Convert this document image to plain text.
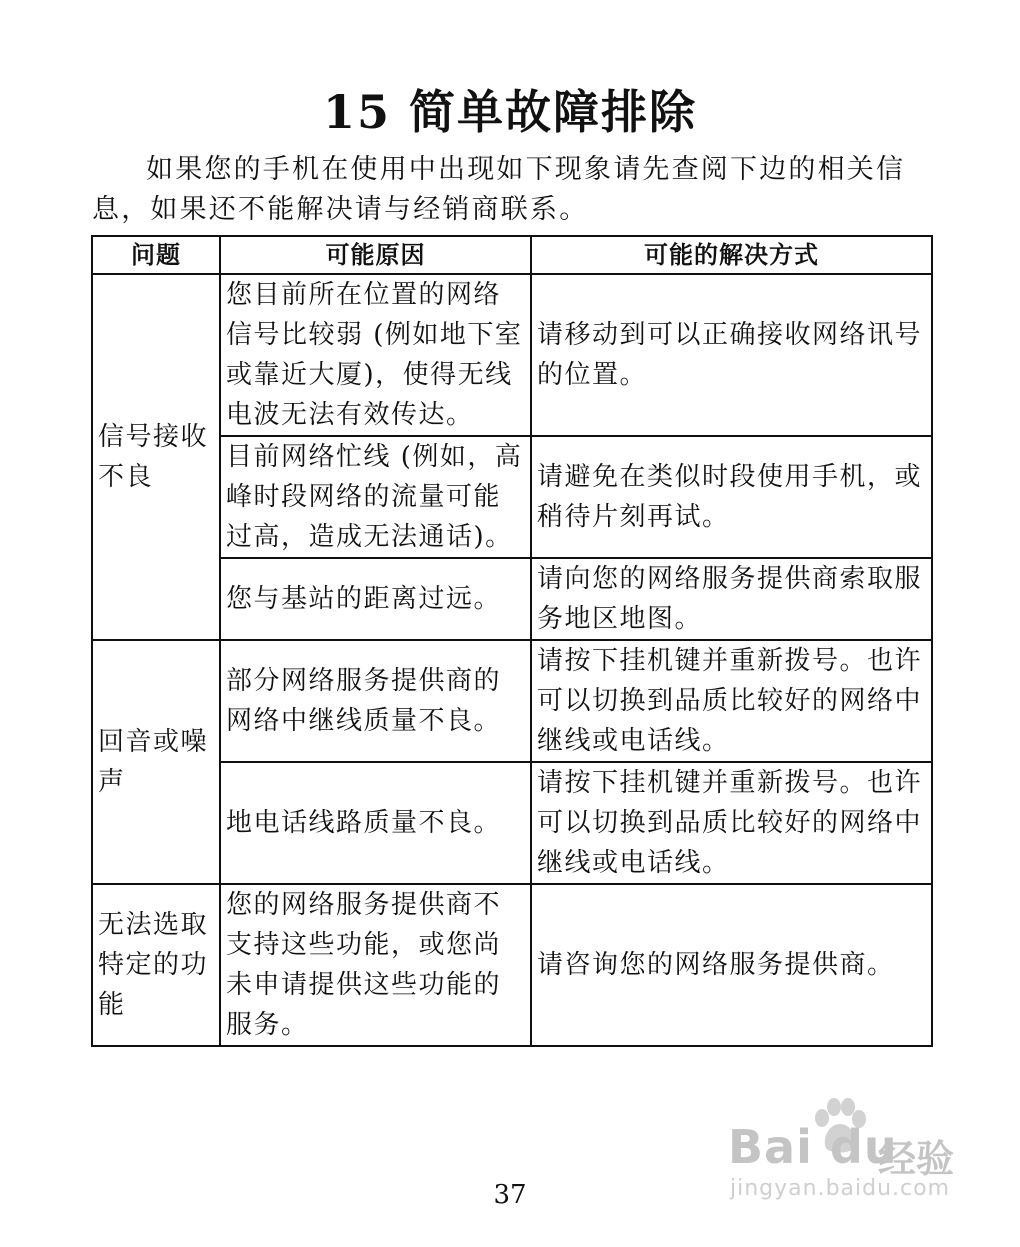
15 简单故障排除
如果您的手机在使用中出现如下现象请先查阅下边的相关信息，如果还不能解决请与经销商联系。
问题	可能原因	可能的解决方式
信号接收不良	您目前所在位置的网络信号比较弱 (例如地下室或靠近大厦)，使得无线电波无法有效传达。	请移动到可以正确接收网络讯号的位置。
	目前网络忙线 (例如，高峰时段网络的流量可能过高，造成无法通话)。	请避免在类似时段使用手机，或稍待片刻再试。
	您与基站的距离过远。	请向您的网络服务提供商索取服务地区地图。
回音或噪声	部分网络服务提供商的网络中继线质量不良。	请按下挂机键并重新拨号。也许可以切换到品质比较好的网络中继线或电话线。
	地电话线路质量不良。	请按下挂机键并重新拨号。也许可以切换到品质比较好的网络中继线或电话线。
无法选取特定的功能	您的网络服务提供商不支持这些功能，或您尚未申请提供这些功能的服务。	请咨询您的网络服务提供商。
37
Bai du
经验
jingyan.baidu.com
